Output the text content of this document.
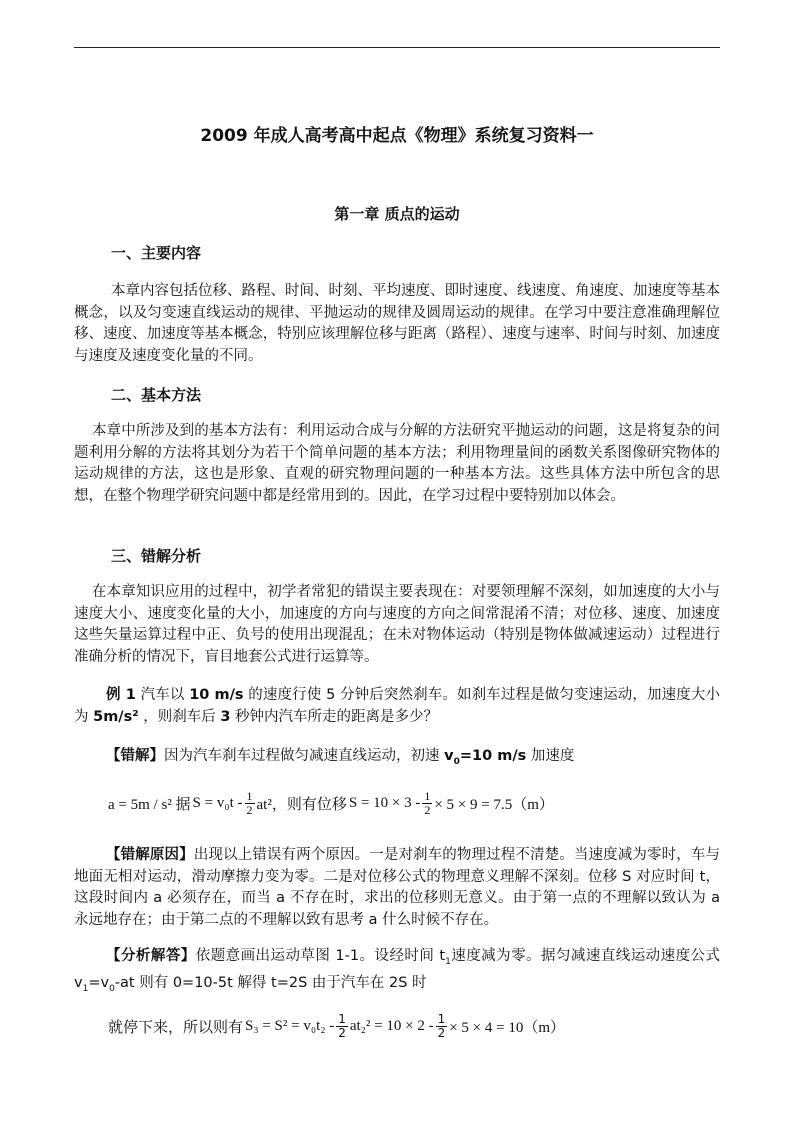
2009 年成人高考高中起点《物理》系统复习资料一
第一章 质点的运动
一、主要内容
本章内容包括位移、路程、时间、时刻、平均速度、即时速度、线速度、角速度、加速度等基本概念，以及匀变速直线运动的规律、平抛运动的规律及圆周运动的规律。在学习中要注意准确理解位移、速度、加速度等基本概念，特别应该理解位移与距离（路程）、速度与速率、时间与时刻、加速度与速度及速度变化量的不同。
二、基本方法
本章中所涉及到的基本方法有：利用运动合成与分解的方法研究平抛运动的问题，这是将复杂的问题利用分解的方法将其划分为若干个简单问题的基本方法；利用物理量间的函数关系图像研究物体的运动规律的方法，这也是形象、直观的研究物理问题的一种基本方法。这些具体方法中所包含的思想，在整个物理学研究问题中都是经常用到的。因此，在学习过程中要特别加以体会。
三、错解分析
在本章知识应用的过程中，初学者常犯的错误主要表现在：对要领理解不深刻，如加速度的大小与速度大小、速度变化量的大小，加速度的方向与速度的方向之间常混淆不清；对位移、速度、加速度这些矢量运算过程中正、负号的使用出现混乱；在未对物体运动（特别是物体做减速运动）过程进行准确分析的情况下，盲目地套公式进行运算等。
例 1 汽车以 10 m/s 的速度行使 5 分钟后突然刹车。如刹车过程是做匀变速运动，加速度大小为 5m/s² ，则刹车后 3 秒钟内汽车所走的距离是多少？
【错解】因为汽车刹车过程做匀减速直线运动，初速 $v_0=10$ m/s 加速度
a = 5m / s² 据 $S = v_0t - \frac{1}{2} at^2$，则有位移 $S = 10 \times 3 - \frac{1}{2} \times 5 \times 9 = 7.5(m)$
【错解原因】出现以上错误有两个原因。一是对刹车的物理过程不清楚。当速度减为零时，车与地面无相对运动，滑动摩擦力变为零。二是对位移公式的物理意义理解不深刻。位移 S 对应时间 t，这段时间内 a 必须存在，而当 a 不存在时，求出的位移则无意义。由于第一点的不理解以致认为 a 永远地存在；由于第二点的不理解以致有思考 a 什么时候不存在。
【分析解答】依题意画出运动草图 1-1。设经时间 $t_1$速度减为零。据匀减速直线运动速度公式 $v_1=v_0-at$ 则有 0=10-5t 解得 t=2S 由于汽车在 2S 时
就停下来，所以则有 $S_3 = S^2 = v_0t_2 - \frac{1}{2} at_2^2 = 10 \times 2 - \frac{1}{2} \times 5 \times 4 = 10(m)$
